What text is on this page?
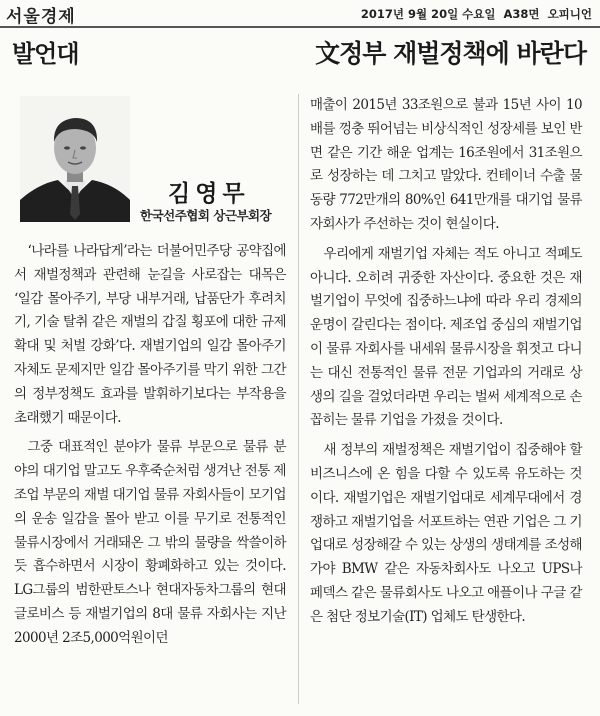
서울경제	2017년 9월 20일 수요일 A38면 오피니언
발언대	文정부 재벌정책에 바란다
김영무
한국선주협회 상근부회장

‘나라를 나라답게’라는 더불어민주당 공약집에서 재벌정책과 관련해 눈길을 사로잡는 대목은 ‘일감 몰아주기, 부당 내부거래, 납품단가 후려치기, 기술 탈취 같은 재벌의 갑질 횡포에 대한 규제 확대 및 처벌 강화’다. 재벌기업의 일감 몰아주기 자체도 문제지만 일감 몰아주기를 막기 위한 그간의 정부정책도 효과를 발휘하기보다는 부작용을 초래했기 때문이다.

그중 대표적인 분야가 물류 부문으로 물류 분야의 대기업 말고도 우후죽순처럼 생겨난 전통 제조업 부문의 재벌 대기업 물류 자회사들이 모기업의 운송 일감을 몰아 받고 이를 무기로 전통적인 물류시장에서 거래돼온 그 밖의 물량을 싹쓸이하듯 흡수하면서 시장이 황폐화하고 있는 것이다. LG그룹의 범한판토스나 현대자동차그룹의 현대글로비스 등 재벌기업의 8대 물류 자회사는 지난 2000년 2조5,000억원이던

매출이 2015년 33조원으로 불과 15년 사이 10배를 껑충 뛰어넘는 비상식적인 성장세를 보인 반면 같은 기간 해운 업계는 16조원에서 31조원으로 성장하는 데 그치고 말았다. 컨테이너 수출 물동량 772만개의 80%인 641만개를 대기업 물류 자회사가 주선하는 것이 현실이다.

우리에게 재벌기업 자체는 적도 아니고 적폐도 아니다. 오히려 귀중한 자산이다. 중요한 것은 재벌기업이 무엇에 집중하느냐에 따라 우리 경제의 운명이 갈린다는 점이다. 제조업 중심의 재벌기업이 물류 자회사를 내세워 물류시장을 휘젓고 다니는 대신 전통적인 물류 전문 기업과의 거래로 상생의 길을 걸었더라면 우리는 벌써 세계적으로 손꼽히는 물류 기업을 가졌을 것이다.

새 정부의 재벌정책은 재벌기업이 집중해야 할 비즈니스에 온 힘을 다할 수 있도록 유도하는 것이다. 재벌기업은 재벌기업대로 세계무대에서 경쟁하고 재벌기업을 서포트하는 연관 기업은 그 기업대로 성장해갈 수 있는 상생의 생태계를 조성해 가야 BMW 같은 자동차회사도 나오고 UPS나 페덱스 같은 물류회사도 나오고 애플이나 구글 같은 첨단 정보기술(IT) 업체도 탄생한다.
